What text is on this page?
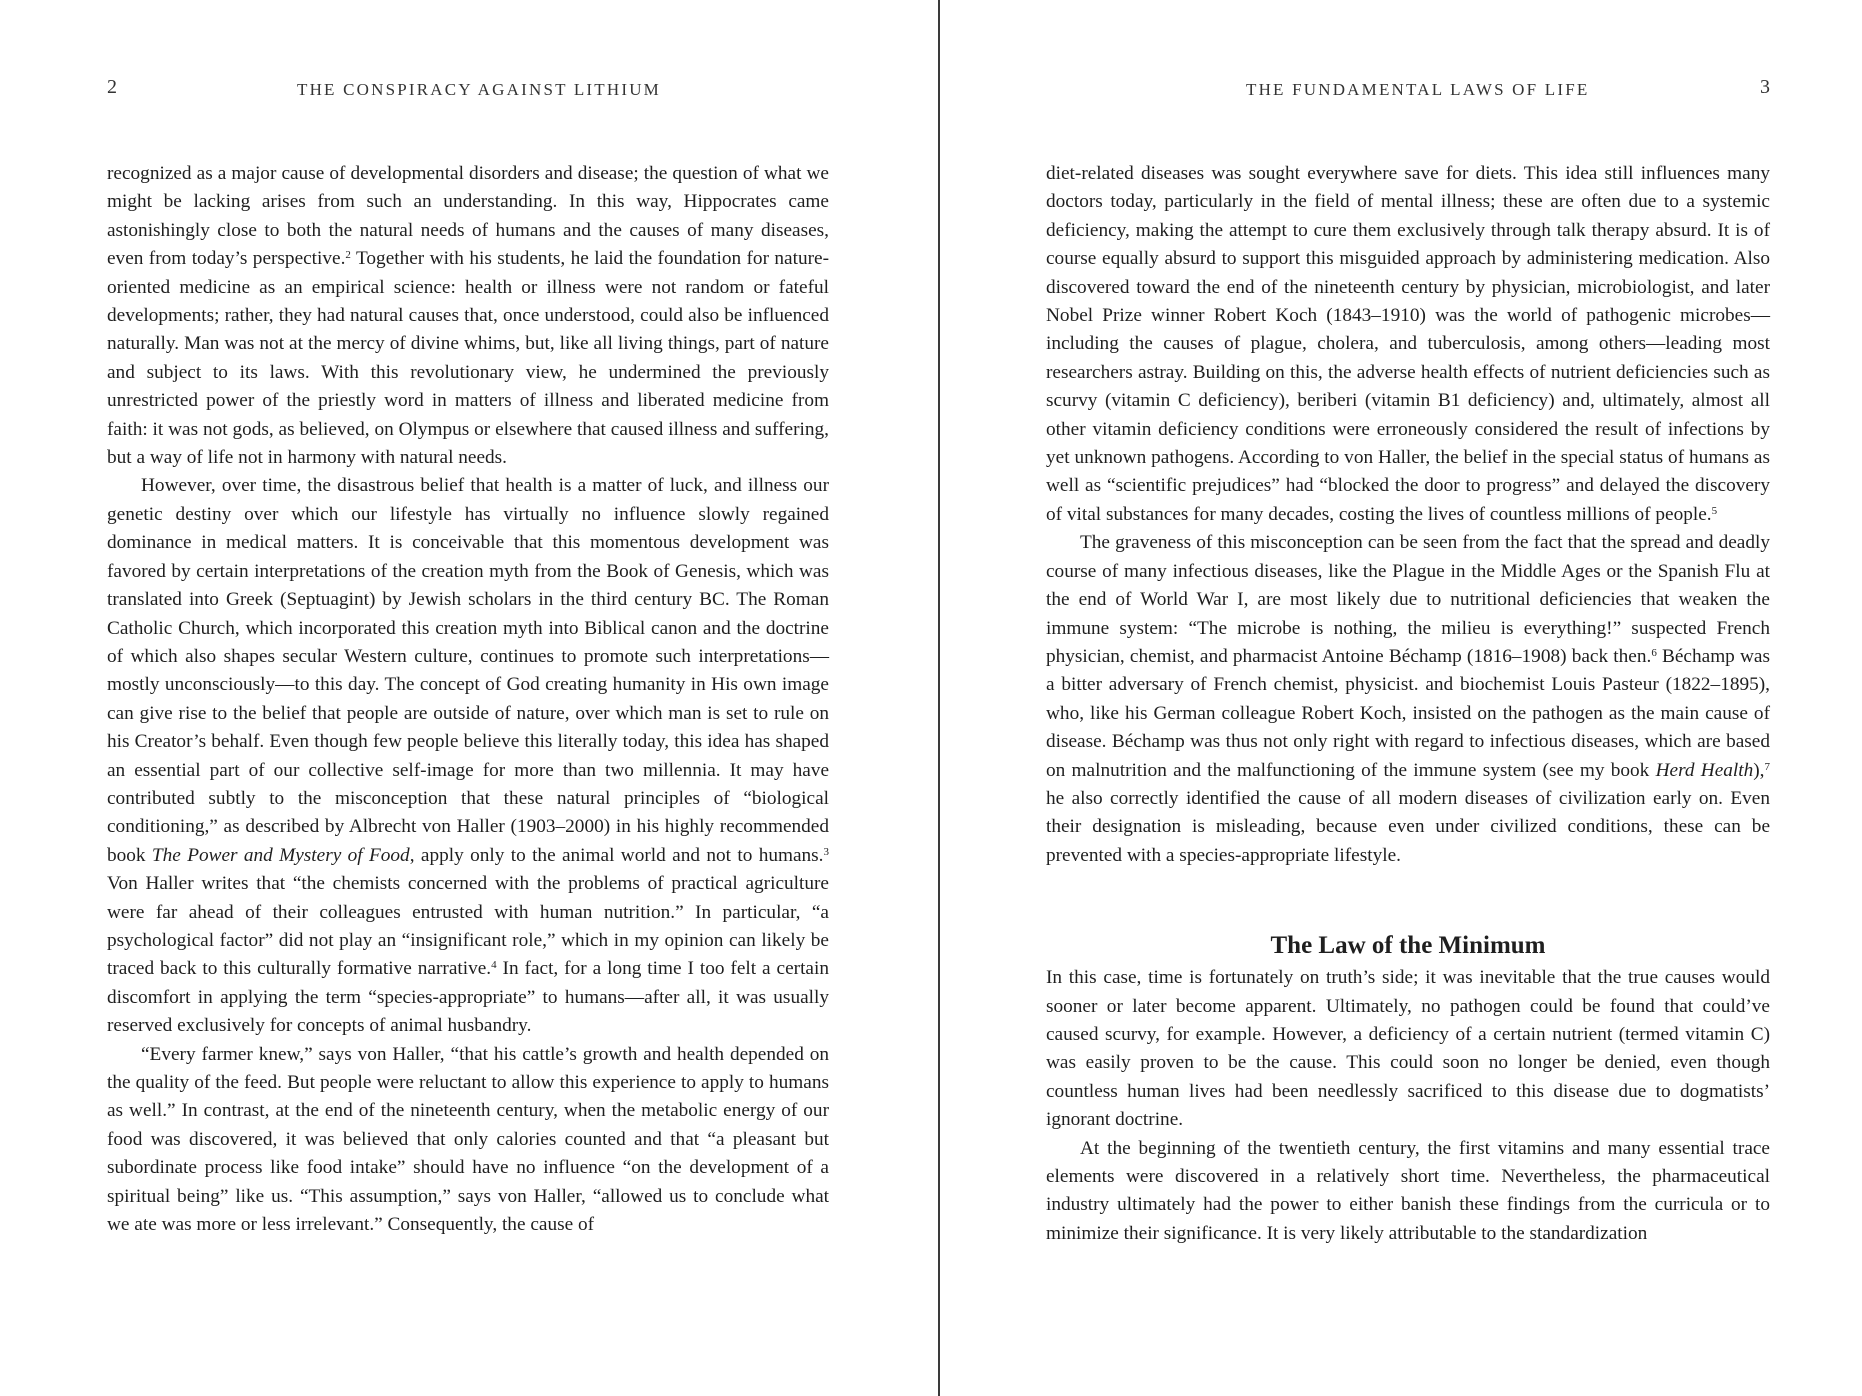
2	THE CONSPIRACY AGAINST LITHIUM

recognized as a major cause of developmental disorders and disease; the question of what we might be lacking arises from such an understanding. In this way, Hippocrates came astonishingly close to both the natural needs of humans and the causes of many diseases, even from today’s perspective.$^2$ Together with his students, he laid the foundation for nature-oriented medicine as an empirical science: health or illness were not random or fateful developments; rather, they had natural causes that, once understood, could also be influenced naturally. Man was not at the mercy of divine whims, but, like all living things, part of nature and subject to its laws. With this revolutionary view, he undermined the previously unrestricted power of the priestly word in matters of illness and liberated medicine from faith: it was not gods, as believed, on Olympus or elsewhere that caused illness and suffering, but a way of life not in harmony with natural needs.

However, over time, the disastrous belief that health is a matter of luck, and illness our genetic destiny over which our lifestyle has virtually no influence slowly regained dominance in medical matters. It is conceivable that this momentous development was favored by certain interpretations of the creation myth from the Book of Genesis, which was translated into Greek (Septuagint) by Jewish scholars in the third century BC. The Roman Catholic Church, which incorporated this creation myth into Biblical canon and the doctrine of which also shapes secular Western culture, continues to promote such interpretations—mostly unconsciously—to this day. The concept of God creating humanity in His own image can give rise to the belief that people are outside of nature, over which man is set to rule on his Creator’s behalf. Even though few people believe this literally today, this idea has shaped an essential part of our collective self-image for more than two millennia. It may have contributed subtly to the misconception that these natural principles of “biological conditioning,” as described by Albrecht von Haller (1903–2000) in his highly recommended book The Power and Mystery of Food, apply only to the animal world and not to humans.$^3$ Von Haller writes that “the chemists concerned with the problems of practical agriculture were far ahead of their colleagues entrusted with human nutrition.” In particular, “a psychological factor” did not play an “insignificant role,” which in my opinion can likely be traced back to this culturally formative narrative.$^4$ In fact, for a long time I too felt a certain discomfort in applying the term “species-appropriate” to humans—after all, it was usually reserved exclusively for concepts of animal husbandry.

“Every farmer knew,” says von Haller, “that his cattle’s growth and health depended on the quality of the feed. But people were reluctant to allow this experience to apply to humans as well.” In contrast, at the end of the nineteenth century, when the metabolic energy of our food was discovered, it was believed that only calories counted and that “a pleasant but subordinate process like food intake” should have no influence “on the development of a spiritual being” like us. “This assumption,” says von Haller, “allowed us to conclude what we ate was more or less irrelevant.” Consequently, the cause of

THE FUNDAMENTAL LAWS OF LIFE	3

diet-related diseases was sought everywhere save for diets. This idea still influences many doctors today, particularly in the field of mental illness; these are often due to a systemic deficiency, making the attempt to cure them exclusively through talk therapy absurd. It is of course equally absurd to support this misguided approach by administering medication. Also discovered toward the end of the nineteenth century by physician, microbiologist, and later Nobel Prize winner Robert Koch (1843–1910) was the world of pathogenic microbes—including the causes of plague, cholera, and tuberculosis, among others—leading most researchers astray. Building on this, the adverse health effects of nutrient deficiencies such as scurvy (vitamin C deficiency), beriberi (vitamin B1 deficiency) and, ultimately, almost all other vitamin deficiency conditions were erroneously considered the result of infections by yet unknown pathogens. According to von Haller, the belief in the special status of humans as well as “scientific prejudices” had “blocked the door to progress” and delayed the discovery of vital substances for many decades, costing the lives of countless millions of people.$^5$

The graveness of this misconception can be seen from the fact that the spread and deadly course of many infectious diseases, like the Plague in the Middle Ages or the Spanish Flu at the end of World War I, are most likely due to nutritional deficiencies that weaken the immune system: “The microbe is nothing, the milieu is everything!” suspected French physician, chemist, and pharmacist Antoine Béchamp (1816–1908) back then.$^6$ Béchamp was a bitter adversary of French chemist, physicist. and biochemist Louis Pasteur (1822–1895), who, like his German colleague Robert Koch, insisted on the pathogen as the main cause of disease. Béchamp was thus not only right with regard to infectious diseases, which are based on malnutrition and the malfunctioning of the immune system (see my book Herd Health),$^7$ he also correctly identified the cause of all modern diseases of civilization early on. Even their designation is misleading, because even under civilized conditions, these can be prevented with a species-appropriate lifestyle.

The Law of the Minimum

In this case, time is fortunately on truth’s side; it was inevitable that the true causes would sooner or later become apparent. Ultimately, no pathogen could be found that could’ve caused scurvy, for example. However, a deficiency of a certain nutrient (termed vitamin C) was easily proven to be the cause. This could soon no longer be denied, even though countless human lives had been needlessly sacrificed to this disease due to dogmatists’ ignorant doctrine.

At the beginning of the twentieth century, the first vitamins and many essential trace elements were discovered in a relatively short time. Nevertheless, the pharmaceutical industry ultimately had the power to either banish these findings from the curricula or to minimize their significance. It is very likely attributable to the standardization
